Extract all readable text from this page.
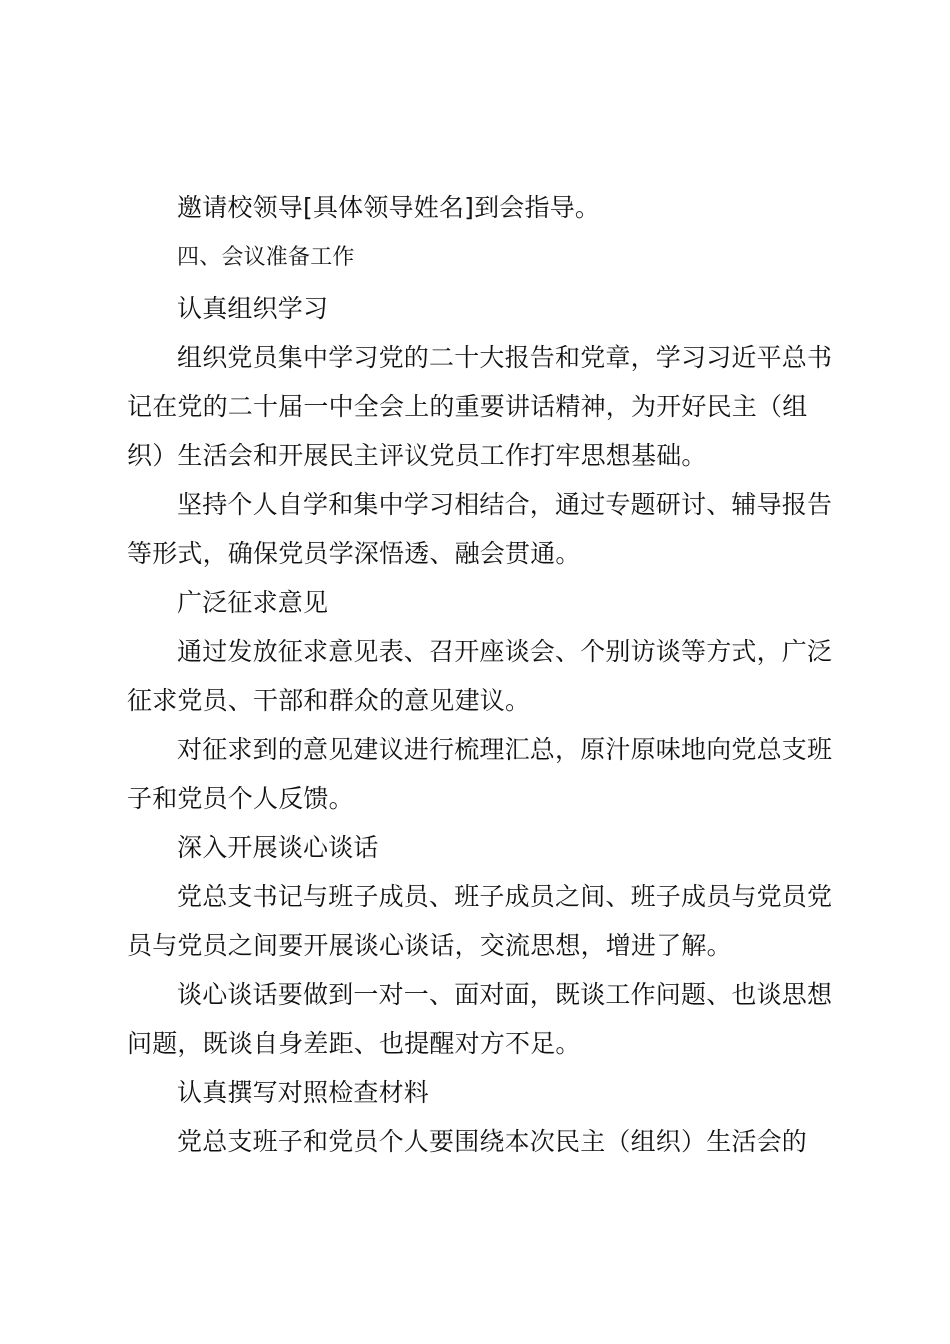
邀请校领导[具体领导姓名]到会指导。

四、会议准备工作

认真组织学习

组织党员集中学习党的二十大报告和党章，学习习近平总书记在党的二十届一中全会上的重要讲话精神，为开好民主（组织）生活会和开展民主评议党员工作打牢思想基础。

坚持个人自学和集中学习相结合，通过专题研讨、辅导报告等形式，确保党员学深悟透、融会贯通。

广泛征求意见

通过发放征求意见表、召开座谈会、个别访谈等方式，广泛征求党员、干部和群众的意见建议。

对征求到的意见建议进行梳理汇总，原汁原味地向党总支班子和党员个人反馈。

深入开展谈心谈话

党总支书记与班子成员、班子成员之间、班子成员与党员党员与党员之间要开展谈心谈话，交流思想，增进了解。

谈心谈话要做到一对一、面对面，既谈工作问题、也谈思想问题，既谈自身差距、也提醒对方不足。

认真撰写对照检查材料

党总支班子和党员个人要围绕本次民主（组织）生活会的
